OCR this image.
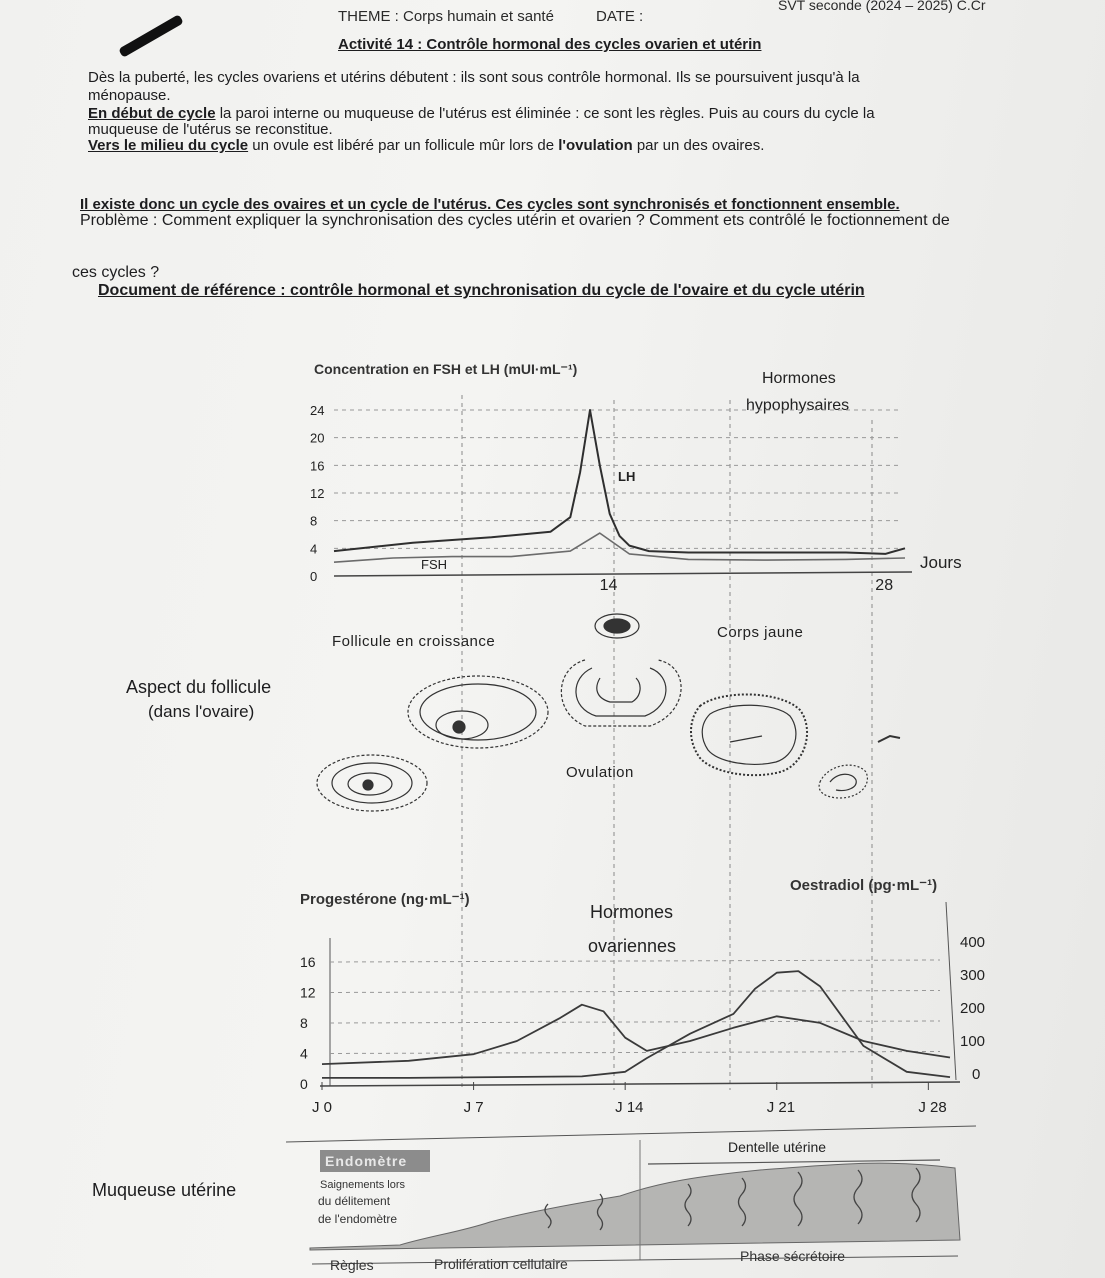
THEME : Corps humain et santé	DATE :
SVT seconde (2024 – 2025) C.Cr
Activité 14 : Contrôle hormonal des cycles ovarien et utérin

Dès la puberté, les cycles ovariens et utérins débutent : ils sont sous contrôle hormonal. Ils se poursuivent jusqu'à la

ménopause.

En début de cycle la paroi interne ou muqueuse de l'utérus est éliminée : ce sont les règles. Puis au cours du cycle la

muqueuse de l'utérus se reconstitue.

Vers le milieu du cycle un ovule est libéré par un follicule mûr lors de l'ovulation par un des ovaires.

Il existe donc un cycle des ovaires et un cycle de l'utérus. Ces cycles sont synchronisés et fonctionnent ensemble.
Problème : Comment expliquer la synchronisation des cycles utérin et ovarien ? Comment ets contrôlé le foctionnement de
ces cycles ?
Document de référence : contrôle hormonal et synchronisation du cycle de l'ovaire et du cycle utérin
Aspect du follicule
(dans l'ovaire)
Muqueuse utérine
Concentration en FSH et LH (mUI·mL⁻¹)
Hormones
hypophysaires
0
4
8
12
16
20
24
14	28
Jours
LH
FSH
Follicule en croissance
Ovulation
Corps jaune
Progestérone (ng·mL⁻¹)
Oestradiol (pg·mL⁻¹)
Hormones
ovariennes
0
4
8
12
16
0
100
200
300
400
J 0	J 7	J 14	J 21	J 28
Endomètre
Dentelle utérine
Saignements lors
du délitement
de l'endomètre
Règles	Prolifération cellulaire	Phase sécrétoire
